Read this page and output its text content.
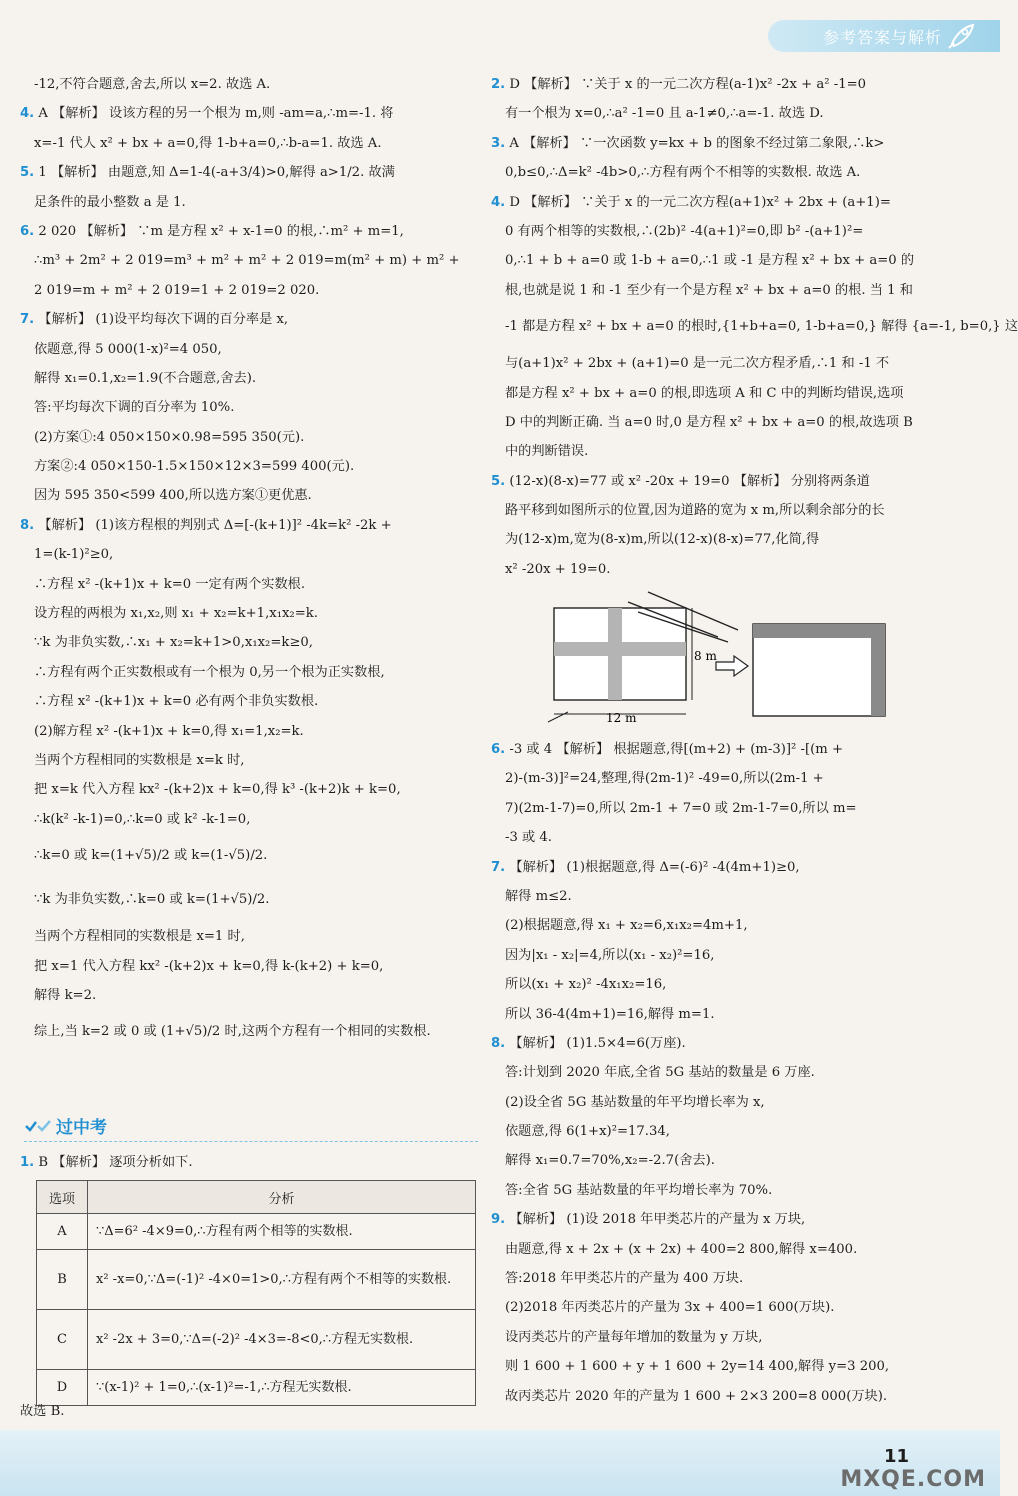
参考答案与解析
-12,不符合题意,舍去,所以 x=2. 故选 A.
4. A 【解析】 设该方程的另一个根为 m,则 -am=a,∴m=-1. 将
x=-1 代人 x² + bx + a=0,得 1-b+a=0,∴b-a=1. 故选 A.
5. 1 【解析】 由题意,知 Δ=1-4(-a+3/4)>0,解得 a>1/2. 故满
足条件的最小整数 a 是 1.
6. 2 020 【解析】 ∵m 是方程 x² + x-1=0 的根,∴m² + m=1,
∴m³ + 2m² + 2 019=m³ + m² + m² + 2 019=m(m² + m) + m² +
2 019=m + m² + 2 019=1 + 2 019=2 020.
7. 【解析】 (1)设平均每次下调的百分率是 x,
依题意,得 5 000(1-x)²=4 050,
解得 x₁=0.1,x₂=1.9(不合题意,舍去).
答:平均每次下调的百分率为 10%.
(2)方案①:4 050×150×0.98=595 350(元).
方案②:4 050×150-1.5×150×12×3=599 400(元).
因为 595 350<599 400,所以选方案①更优惠.
8. 【解析】 (1)该方程根的判别式 Δ=[-(k+1)]² -4k=k² -2k +
1=(k-1)²≥0,
∴方程 x² -(k+1)x + k=0 一定有两个实数根.
设方程的两根为 x₁,x₂,则 x₁ + x₂=k+1,x₁x₂=k.
∵k 为非负实数,∴x₁ + x₂=k+1>0,x₁x₂=k≥0,
∴方程有两个正实数根或有一个根为 0,另一个根为正实数根,
∴方程 x² -(k+1)x + k=0 必有两个非负实数根.
(2)解方程 x² -(k+1)x + k=0,得 x₁=1,x₂=k.
当两个方程相同的实数根是 x=k 时,
把 x=k 代入方程 kx² -(k+2)x + k=0,得 k³ -(k+2)k + k=0,
∴k(k² -k-1)=0,∴k=0 或 k² -k-1=0,
∴k=0 或 k=(1+√5)/2 或 k=(1-√5)/2.
∵k 为非负实数,∴k=0 或 k=(1+√5)/2.
当两个方程相同的实数根是 x=1 时,
把 x=1 代入方程 kx² -(k+2)x + k=0,得 k-(k+2) + k=0,
解得 k=2.
综上,当 k=2 或 0 或 (1+√5)/2 时,这两个方程有一个相同的实数根.
过中考
1. B 【解析】 逐项分析如下.
选项	分析
A	∵Δ=6² -4×9=0,∴方程有两个相等的实数根.
B	x² -x=0,∵Δ=(-1)² -4×0=1>0,∴方程有两个不相等的实数根.
C	x² -2x + 3=0,∵Δ=(-2)² -4×3=-8<0,∴方程无实数根.
D	∵(x-1)² + 1=0,∴(x-1)²=-1,∴方程无实数根.
故选 B.
2. D 【解析】 ∵关于 x 的一元二次方程(a-1)x² -2x + a² -1=0
有一个根为 x=0,∴a² -1=0 且 a-1≠0,∴a=-1. 故选 D.
3. A 【解析】 ∵一次函数 y=kx + b 的图象不经过第二象限,∴k>
0,b≤0,∴Δ=k² -4b>0,∴方程有两个不相等的实数根. 故选 A.
4. D 【解析】 ∵关于 x 的一元二次方程(a+1)x² + 2bx + (a+1)=
0 有两个相等的实数根,∴(2b)² -4(a+1)²=0,即 b² -(a+1)²=
0,∴1 + b + a=0 或 1-b + a=0,∴1 或 -1 是方程 x² + bx + a=0 的
根,也就是说 1 和 -1 至少有一个是方程 x² + bx + a=0 的根. 当 1 和
-1 都是方程 x² + bx + a=0 的根时,{1+b+a=0, 1-b+a=0,} 解得 {a=-1, b=0,} 这
与(a+1)x² + 2bx + (a+1)=0 是一元二次方程矛盾,∴1 和 -1 不
都是方程 x² + bx + a=0 的根,即选项 A 和 C 中的判断均错误,选项
D 中的判断正确. 当 a=0 时,0 是方程 x² + bx + a=0 的根,故选项 B
中的判断错误.
5. (12-x)(8-x)=77 或 x² -20x + 19=0 【解析】 分别将两条道
路平移到如图所示的位置,因为道路的宽为 x m,所以剩余部分的长
为(12-x)m,宽为(8-x)m,所以(12-x)(8-x)=77,化简,得
x² -20x + 19=0.
12 m
8 m
6. -3 或 4 【解析】 根据题意,得[(m+2) + (m-3)]² -[(m +
2)-(m-3)]²=24,整理,得(2m-1)² -49=0,所以(2m-1 +
7)(2m-1-7)=0,所以 2m-1 + 7=0 或 2m-1-7=0,所以 m=
-3 或 4.
7. 【解析】 (1)根据题意,得 Δ=(-6)² -4(4m+1)≥0,
解得 m≤2.
(2)根据题意,得 x₁ + x₂=6,x₁x₂=4m+1,
因为|x₁ - x₂|=4,所以(x₁ - x₂)²=16,
所以(x₁ + x₂)² -4x₁x₂=16,
所以 36-4(4m+1)=16,解得 m=1.
8. 【解析】 (1)1.5×4=6(万座).
答:计划到 2020 年底,全省 5G 基站的数量是 6 万座.
(2)设全省 5G 基站数量的年平均增长率为 x,
依题意,得 6(1+x)²=17.34,
解得 x₁=0.7=70%,x₂=-2.7(舍去).
答:全省 5G 基站数量的年平均增长率为 70%.
9. 【解析】 (1)设 2018 年甲类芯片的产量为 x 万块,
由题意,得 x + 2x + (x + 2x) + 400=2 800,解得 x=400.
答:2018 年甲类芯片的产量为 400 万块.
(2)2018 年丙类芯片的产量为 3x + 400=1 600(万块).
设丙类芯片的产量每年增加的数量为 y 万块,
则 1 600 + 1 600 + y + 1 600 + 2y=14 400,解得 y=3 200,
故丙类芯片 2020 年的产量为 1 600 + 2×3 200=8 000(万块).
11
MXQE.COM
